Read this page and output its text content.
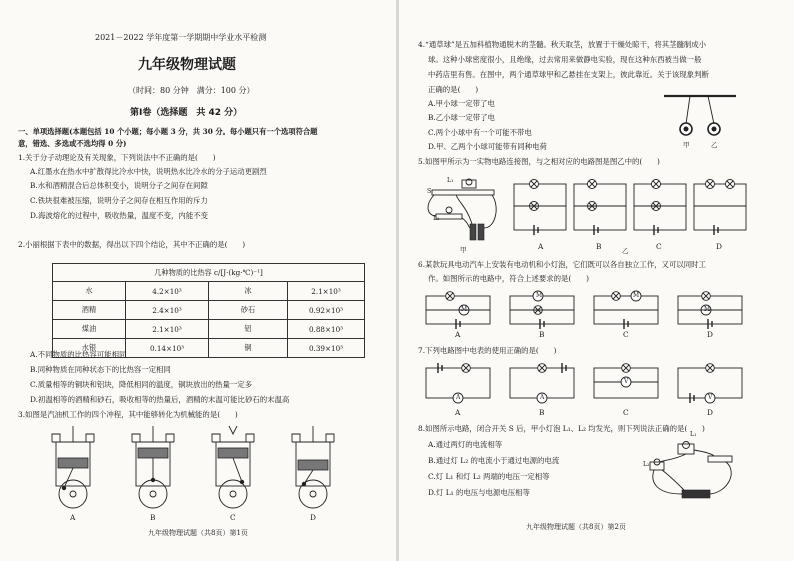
2021－2022 学年度第一学期期中学业水平检测
九年级物理试题
（时间：80 分钟　满分：100 分）
第Ⅰ卷（选择题　共 42 分）
一、单项选择题(本题包括 10 个小题；每小题 3 分，共 30 分。每小题只有一个选项符合题
意，错选、多选或不选均得 0 分)
1.关于分子动理论及有关现象，下列说法中不正确的是(　　)
A.红墨水在热水中扩散得比冷水中快，说明热水比冷水的分子运动更剧烈
B.水和酒精混合后总体积变小，说明分子之间存在间隙
C.铁块很难被压缩，说明分子之间存在相互作用的斥力
D.海波熔化的过程中，吸收热量，温度不变，内能不变
2.小丽根据下表中的数据，得出以下四个结论，其中不正确的是(　　)
几种物质的比热容 c/[J·(kg·℃)⁻¹]			
水	4.2×10³	冰	2.1×10³
酒精	2.4×10³	砂石	0.92×10³
煤油	2.1×10³	铝	0.88×10³
水银	0.14×10³	铜	0.39×10³
A.不同物质的比热容可能相同
B.同种物质在同种状态下的比热容一定相同
C.质量相等的铜块和铝块，降低相同的温度，铜块放出的热量一定多
D.初温相等的酒精和砂石，吸收相等的热量后，酒精的末温可能比砂石的末温高
3.如图是汽油机工作的四个冲程，其中能够转化为机械能的是(　　)
A	B	C	D
九年级物理试题（共8页）第1页
4.“通草球”是五加科植物通脱木的茎髓。秋天取茎，放置于干燥处晾干，将其茎髓制成小
球。这种小球密度很小，且绝缘，过去常用来做静电实验，现在这种东西被当做一般
中药店里有售。在图中，两个通草球甲和乙悬挂在支架上，彼此靠近。关于该现象判断
正确的是(　　)
A.甲小球一定带了电
B.乙小球一定带了电
C.两个小球中有一个可能不带电
D.甲、乙两个小球可能带有同种电荷	甲	乙
5.如图甲所示为一实物电路连接图，与之相对应的电路图是图乙中的(　　)
S
L₁
L₂
甲	A	B	乙	C	D
6.某款玩具电动汽车上安装有电动机和小灯泡，它们既可以各自独立工作，又可以同时工
作。如图所示的电路中，符合上述要求的是(　　)
M
M	M
M
A	B	C	D
7.下列电路图中电表的使用正确的是(　　)
A	A
V
V
A	B	C	D
8.如图所示电路，闭合开关 S 后，甲小灯泡 L₁、L₂ 均发光，则下列说法正确的是(　　)
A.通过两灯的电流相等
B.通过灯 L₂ 的电流小于通过电源的电流
C.灯 L₁ 和灯 L₂ 两端的电压一定相等
D.灯 L₁ 的电压与电源电压相等
L₁
L₂
九年级物理试题（共8页）第2页
